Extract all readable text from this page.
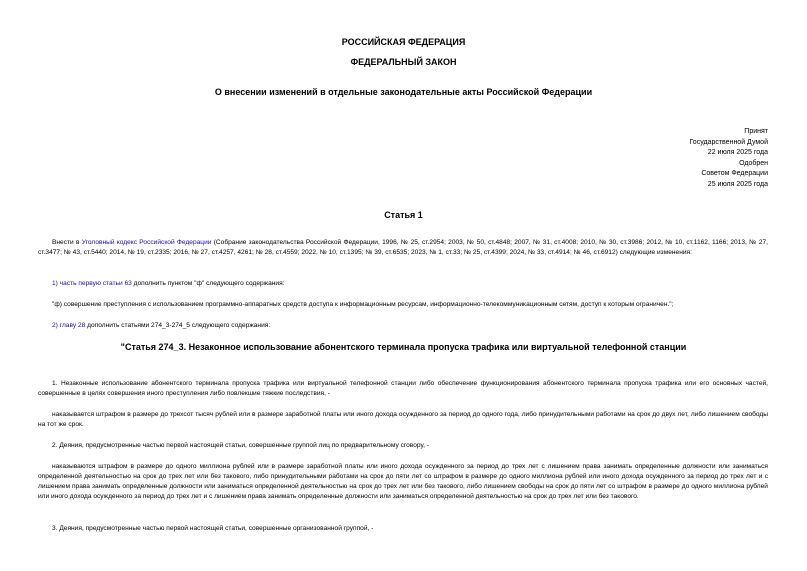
РОССИЙСКАЯ ФЕДЕРАЦИЯ
ФЕДЕРАЛЬНЫЙ ЗАКОН
О внесении изменений в отдельные законодательные акты Российской Федерации
Принят
Государственной Думой
22 июля 2025 года
Одобрен
Советом Федерации
25 июля 2025 года
Статья 1
Внести в Уголовный кодекс Российской Федерации (Собрание законодательства Российской Федерации, 1996, № 25, ст.2954; 2003, № 50, ст.4848; 2007, № 31, ст.4008; 2010, № 30, ст.3986; 2012, № 10, ст.1162, 1166; 2013, № 27, ст.3477; № 43, ст.5440; 2014, № 19, ст.2335; 2016, № 27, ст.4257, 4261; № 28, ст.4559; 2022, № 10, ст.1395; № 39, ст.6535; 2023, № 1, ст.33; № 25, ст.4399; 2024, № 33, ст.4914; № 46, ст.6912) следующие изменения:
1) часть первую статьи 63 дополнить пунктом "ф" следующего содержания:
"ф) совершение преступления с использованием программно-аппаратных средств доступа к информационным ресурсам, информационно-телекоммуникационным сетям, доступ к которым ограничен.";
2) главу 28 дополнить статьями 274_3-274_5 следующего содержания:
"Статья 274_3. Незаконное использование абонентского терминала пропуска трафика или виртуальной телефонной станции
1. Незаконные использование абонентского терминала пропуска трафика или виртуальной телефонной станции либо обеспечение функционирования абонентского терминала пропуска трафика или его основных частей, совершенные в целях совершения иного преступления либо повлекшие тяжкие последствия, -
наказывается штрафом в размере до трехсот тысяч рублей или в размере заработной платы или иного дохода осужденного за период до одного года, либо принудительными работами на срок до двух лет, либо лишением свободы на тот же срок.
2. Деяния, предусмотренные частью первой настоящей статьи, совершенные группой лиц по предварительному сговору, -
наказываются штрафом в размере до одного миллиона рублей или в размере заработной платы или иного дохода осужденного за период до трех лет с лишением права занимать определенные должности или заниматься определенной деятельностью на срок до трех лет или без такового, либо принудительными работами на срок до пяти лет со штрафом в размере до одного миллиона рублей или иного дохода осужденного за период до трех лет и с лишением права занимать определенные должности или заниматься определенной деятельностью на срок до трех лет или без такового, либо лишением свободы на срок до пяти лет со штрафом в размере до одного миллиона рублей или иного дохода осужденного за период до трех лет и с лишением права занимать определенные должности или заниматься определенной деятельностью на срок до трех лет или без такового.
3. Деяния, предусмотренные частью первой настоящей статьи, совершенные организованной группой, -
